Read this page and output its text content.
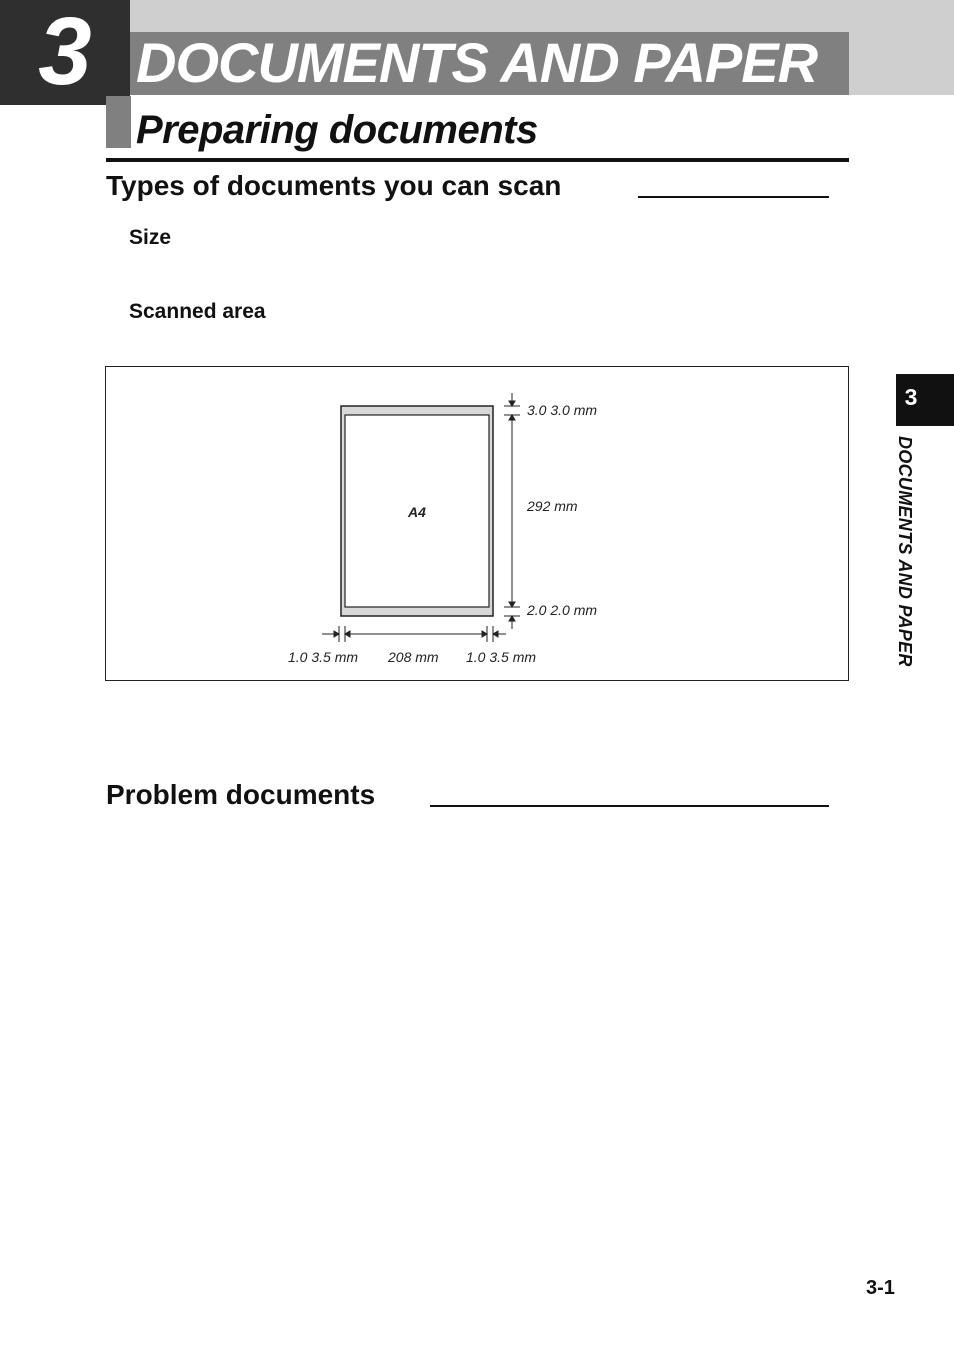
3 DOCUMENTS AND PAPER
Preparing documents
Types of documents you can scan
Size
Scanned area
A4
3.0 3.0 mm
292 mm
2.0 2.0 mm
1.0 3.5 mm 208 mm 1.0 3.5 mm
Problem documents
3
DOCUMENTS AND PAPER
3-1
